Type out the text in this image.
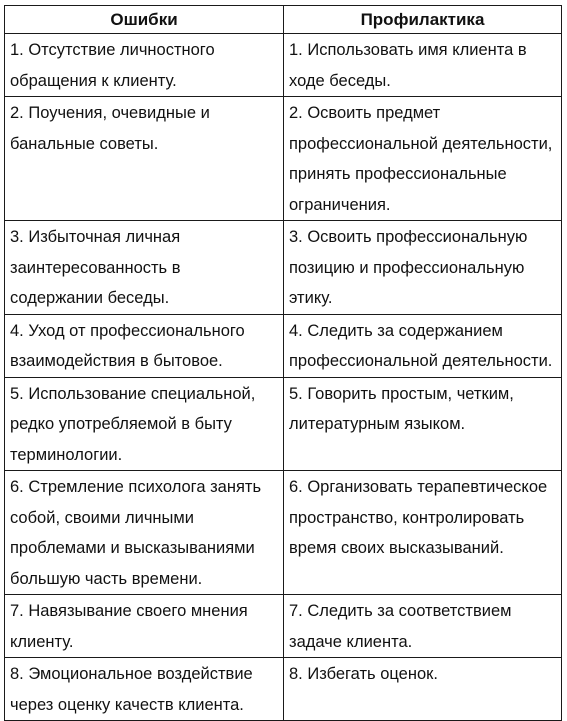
Ошибки	Профилактика

1. Отсутствие личностного обращения к клиенту.	1. Использовать имя клиента в ходе беседы.

2. Поучения, очевидные и банальные советы.	2. Освоить предмет профессиональной деятельности, принять профессиональные ограничения.

3. Избыточная личная заинтересованность в содержании беседы.	3. Освоить профессиональную позицию и профессиональную этику.

4. Уход от профессионального взаимодействия в бытовое.	4. Следить за содержанием профессиональной деятельности.

5. Использование специальной, редко употребляемой в быту терминологии.	5. Говорить простым, четким, литературным языком.

6. Стремление психолога занять собой, своими личными проблемами и высказываниями большую часть времени.	6. Организовать терапевтическое пространство, контролировать время своих высказываний.

7. Навязывание своего мнения клиенту.	7. Следить за соответствием задаче клиента.

8. Эмоциональное воздействие через оценку качеств клиента.	8. Избегать оценок.
